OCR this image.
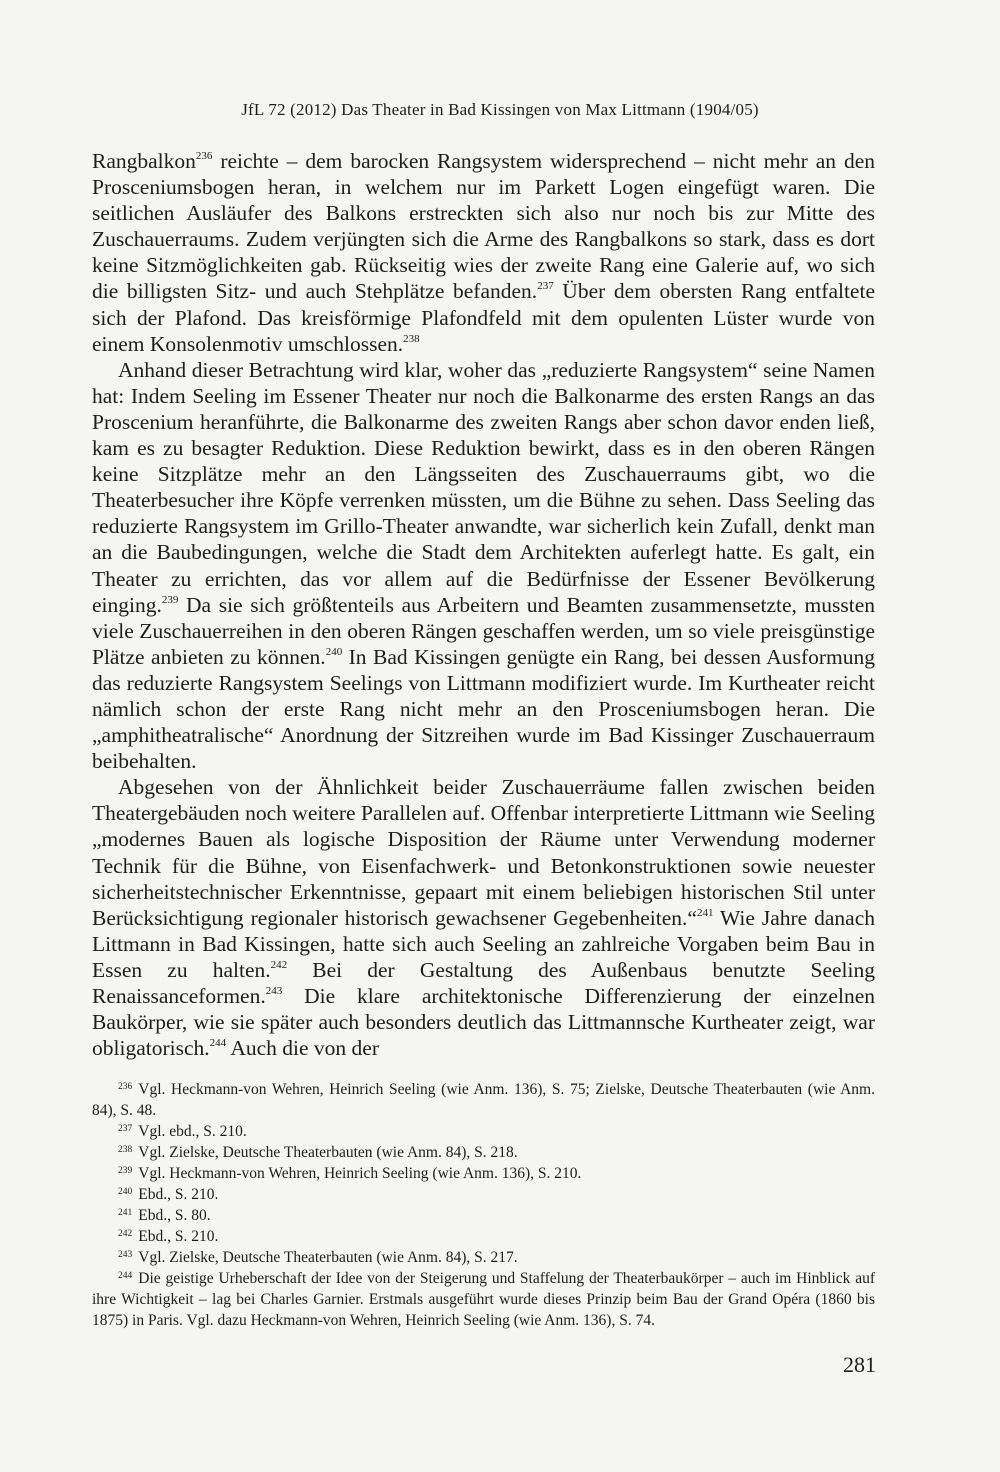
JfL 72 (2012) Das Theater in Bad Kissingen von Max Littmann (1904/05)

Rangbalkon$^{236}$ reichte – dem barocken Rangsystem widersprechend – nicht mehr an den Prosceniumsbogen heran, in welchem nur im Parkett Logen eingefügt waren. Die seitlichen Ausläufer des Balkons erstreckten sich also nur noch bis zur Mitte des Zuschauerraums. Zudem verjüngten sich die Arme des Rangbalkons so stark, dass es dort keine Sitzmöglichkeiten gab. Rückseitig wies der zweite Rang eine Galerie auf, wo sich die billigsten Sitz- und auch Stehplätze befanden.$^{237}$ Über dem obersten Rang entfaltete sich der Plafond. Das kreisförmige Plafondfeld mit dem opulenten Lüster wurde von einem Konsolenmotiv umschlossen.$^{238}$

Anhand dieser Betrachtung wird klar, woher das „reduzierte Rangsystem“ seine Namen hat: Indem Seeling im Essener Theater nur noch die Balkonarme des ersten Rangs an das Proscenium heranführte, die Balkonarme des zweiten Rangs aber schon davor enden ließ, kam es zu besagter Reduktion. Diese Reduktion bewirkt, dass es in den oberen Rängen keine Sitzplätze mehr an den Längsseiten des Zuschauerraums gibt, wo die Theaterbesucher ihre Köpfe verrenken müssten, um die Bühne zu sehen. Dass Seeling das reduzierte Rangsystem im Grillo-Theater anwandte, war sicherlich kein Zufall, denkt man an die Baubedingungen, welche die Stadt dem Architekten auferlegt hatte. Es galt, ein Theater zu errichten, das vor allem auf die Bedürfnisse der Essener Bevölkerung einging.$^{239}$ Da sie sich größtenteils aus Arbeitern und Beamten zusammensetzte, mussten viele Zuschauerreihen in den oberen Rängen geschaffen werden, um so viele preisgünstige Plätze anbieten zu können.$^{240}$ In Bad Kissingen genügte ein Rang, bei dessen Ausformung das reduzierte Rangsystem Seelings von Littmann modifiziert wurde. Im Kurtheater reicht nämlich schon der erste Rang nicht mehr an den Prosceniumsbogen heran. Die „amphitheatralische“ Anordnung der Sitzreihen wurde im Bad Kissinger Zuschauerraum beibehalten.

Abgesehen von der Ähnlichkeit beider Zuschauerräume fallen zwischen beiden Theatergebäuden noch weitere Parallelen auf. Offenbar interpretierte Littmann wie Seeling „modernes Bauen als logische Disposition der Räume unter Verwendung moderner Technik für die Bühne, von Eisenfachwerk- und Betonkonstruktionen sowie neuester sicherheitstechnischer Erkenntnisse, gepaart mit einem beliebigen historischen Stil unter Berücksichtigung regionaler historisch gewachsener Gegebenheiten.“$^{241}$ Wie Jahre danach Littmann in Bad Kissingen, hatte sich auch Seeling an zahlreiche Vorgaben beim Bau in Essen zu halten.$^{242}$ Bei der Gestaltung des Außenbaus benutzte Seeling Renaissanceformen.$^{243}$ Die klare architektonische Differenzierung der einzelnen Baukörper, wie sie später auch besonders deutlich das Littmannsche Kurtheater zeigt, war obligatorisch.$^{244}$ Auch die von der

$^{236}$ Vgl. Heckmann-von Wehren, Heinrich Seeling (wie Anm. 136), S. 75; Zielske, Deutsche Theaterbauten (wie Anm. 84), S. 48.

$^{237}$ Vgl. ebd., S. 210.

$^{238}$ Vgl. Zielske, Deutsche Theaterbauten (wie Anm. 84), S. 218.

$^{239}$ Vgl. Heckmann-von Wehren, Heinrich Seeling (wie Anm. 136), S. 210.

$^{240}$ Ebd., S. 210.

$^{241}$ Ebd., S. 80.

$^{242}$ Ebd., S. 210.

$^{243}$ Vgl. Zielske, Deutsche Theaterbauten (wie Anm. 84), S. 217.

$^{244}$ Die geistige Urheberschaft der Idee von der Steigerung und Staffelung der Theaterbaukörper – auch im Hinblick auf ihre Wichtigkeit – lag bei Charles Garnier. Erstmals ausgeführt wurde dieses Prinzip beim Bau der Grand Opéra (1860 bis 1875) in Paris. Vgl. dazu Heckmann-von Wehren, Heinrich Seeling (wie Anm. 136), S. 74.

281
